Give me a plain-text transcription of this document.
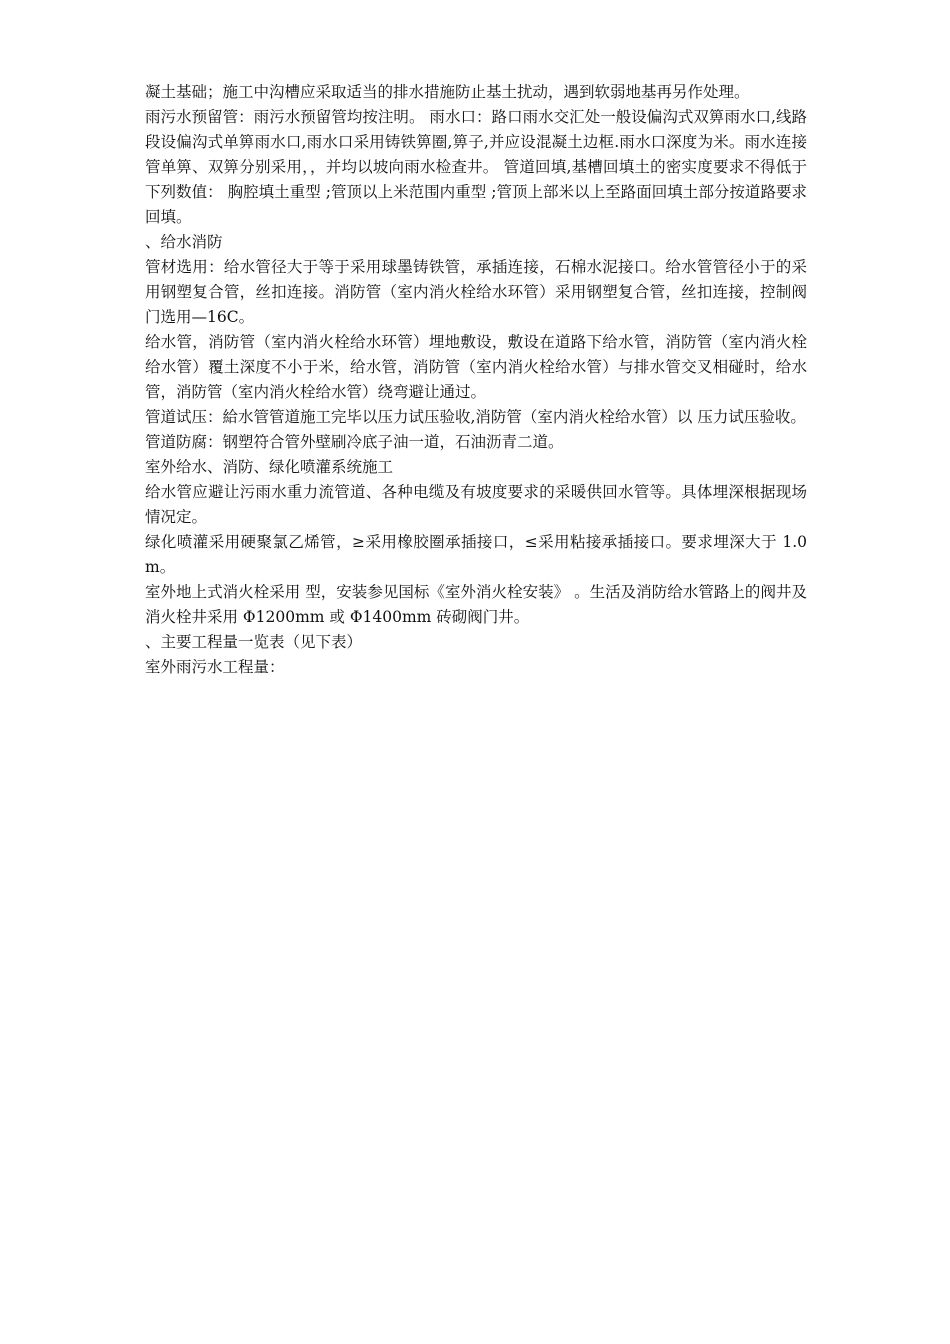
凝土基础；施工中沟槽应采取适当的排水措施防止基土扰动，遇到软弱地基再另作处理。

雨污水预留管：雨污水预留管均按注明。 雨水口：路口雨水交汇处一般设偏沟式双箅雨水口,线路段设偏沟式单箅雨水口,雨水口采用铸铁箅圈,箅子,并应设混凝土边框.雨水口深度为米。雨水连接管单箅、双箅分别采用，，并均以坡向雨水检查井。 管道回填,基槽回填土的密实度要求不得低于下列数值： 胸腔填土重型 ;管顶以上米范围内重型 ;管顶上部米以上至路面回填土部分按道路要求回填。

、给水消防

管材选用：给水管径大于等于采用球墨铸铁管，承插连接，石棉水泥接口。给水管管径小于的采用钢塑复合管，丝扣连接。消防管（室内消火栓给水环管）采用钢塑复合管，丝扣连接，控制阀门选用—16C。

给水管，消防管（室内消火栓给水环管）埋地敷设，敷设在道路下给水管，消防管（室内消火栓给水管）覆土深度不小于米，给水管，消防管（室内消火栓给水管）与排水管交叉相碰时，给水管，消防管（室内消火栓给水管）绕弯避让通过。

管道试压：給水管管道施工完毕以压力试压验收,消防管（室内消火栓给水管）以 压力试压验收。

管道防腐：钢塑符合管外壁刷冷底子油一道，石油沥青二道。

室外给水、消防、绿化喷灌系统施工

给水管应避让污雨水重力流管道、各种电缆及有坡度要求的采暖供回水管等。具体埋深根据现场情况定。

绿化喷灌采用硬聚氯乙烯管，≥采用橡胶圈承插接口，≤采用粘接承插接口。要求埋深大于 1.0m。

室外地上式消火栓采用 型，安装参见国标《室外消火栓安装》 。生活及消防给水管路上的阀井及消火栓井采用 Φ1200mm 或 Φ1400mm 砖砌阀门井。

、主要工程量一览表（见下表）

室外雨污水工程量：
